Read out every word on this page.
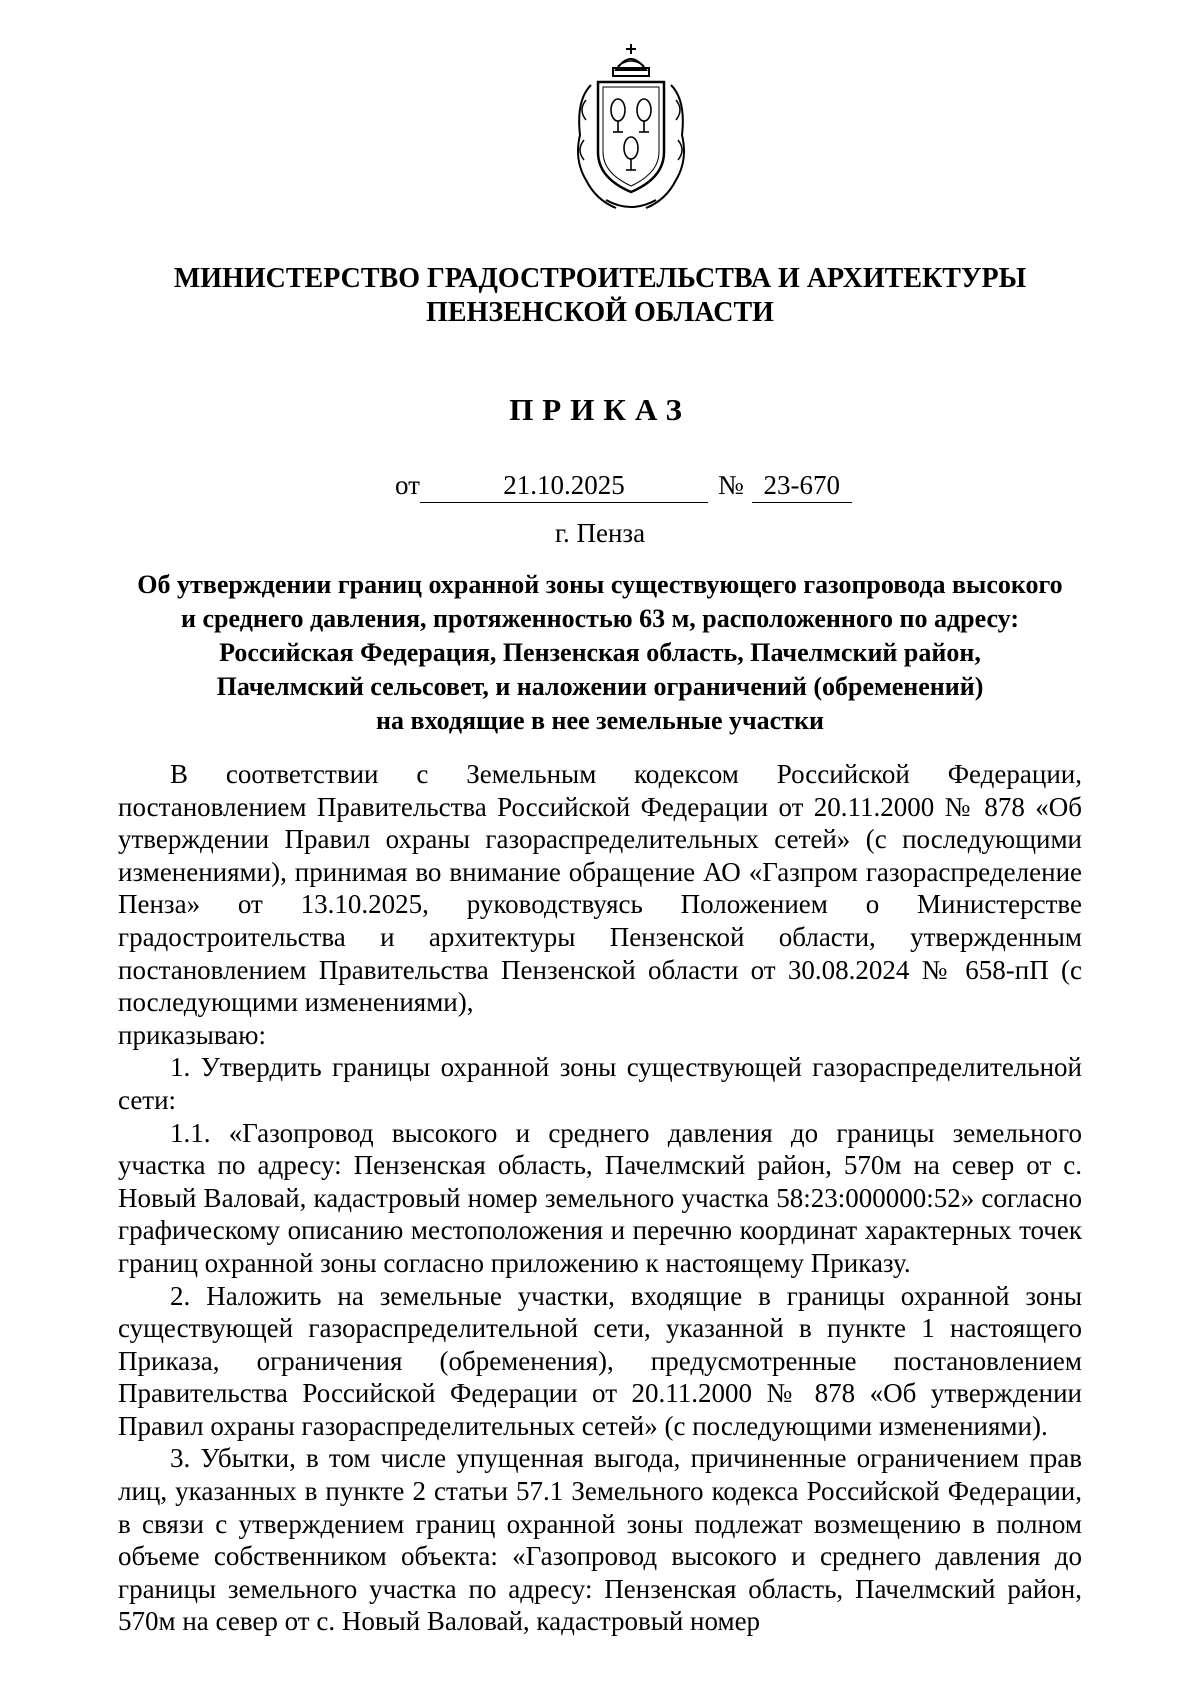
МИНИСТЕРСТВО ГРАДОСТРОИТЕЛЬСТВА И АРХИТЕКТУРЫ
ПЕНЗЕНСКОЙ ОБЛАСТИ
ПРИКАЗ
от	21.10.2025	№ 23-670
г. Пенза
Об утверждении границ охранной зоны существующего газопровода высокого
и среднего давления, протяженностью 63 м, расположенного по адресу:
Российская Федерация, Пензенская область, Пачелмский район,
Пачелмский сельсовет, и наложении ограничений (обременений)
на входящие в нее земельные участки

В соответствии с Земельным кодексом Российской Федерации, постановлением Правительства Российской Федерации от 20.11.2000 № 878 «Об утверждении Правил охраны газораспределительных сетей» (с последующими изменениями), принимая во внимание обращение АО «Газпром газораспределение Пенза» от 13.10.2025, руководствуясь Положением о Министерстве градостроительства и архитектуры Пензенской области, утвержденным постановлением Правительства Пензенской области от 30.08.2024 № 658-пП (с последующими изменениями),

приказываю:

1. Утвердить границы охранной зоны существующей газораспределительной сети:

1.1. «Газопровод высокого и среднего давления до границы земельного участка по адресу: Пензенская область, Пачелмский район, 570м на север от с. Новый Валовай, кадастровый номер земельного участка 58:23:000000:52» согласно графическому описанию местоположения и перечню координат характерных точек границ охранной зоны согласно приложению к настоящему Приказу.

2. Наложить на земельные участки, входящие в границы охранной зоны существующей газораспределительной сети, указанной в пункте 1 настоящего Приказа, ограничения (обременения), предусмотренные постановлением Правительства Российской Федерации от 20.11.2000 № 878 «Об утверждении Правил охраны газораспределительных сетей» (с последующими изменениями).

3. Убытки, в том числе упущенная выгода, причиненные ограничением прав лиц, указанных в пункте 2 статьи 57.1 Земельного кодекса Российской Федерации, в связи с утверждением границ охранной зоны подлежат возмещению в полном объеме собственником объекта: «Газопровод высокого и среднего давления до границы земельного участка по адресу: Пензенская область, Пачелмский район, 570м на север от с. Новый Валовай, кадастровый номер
